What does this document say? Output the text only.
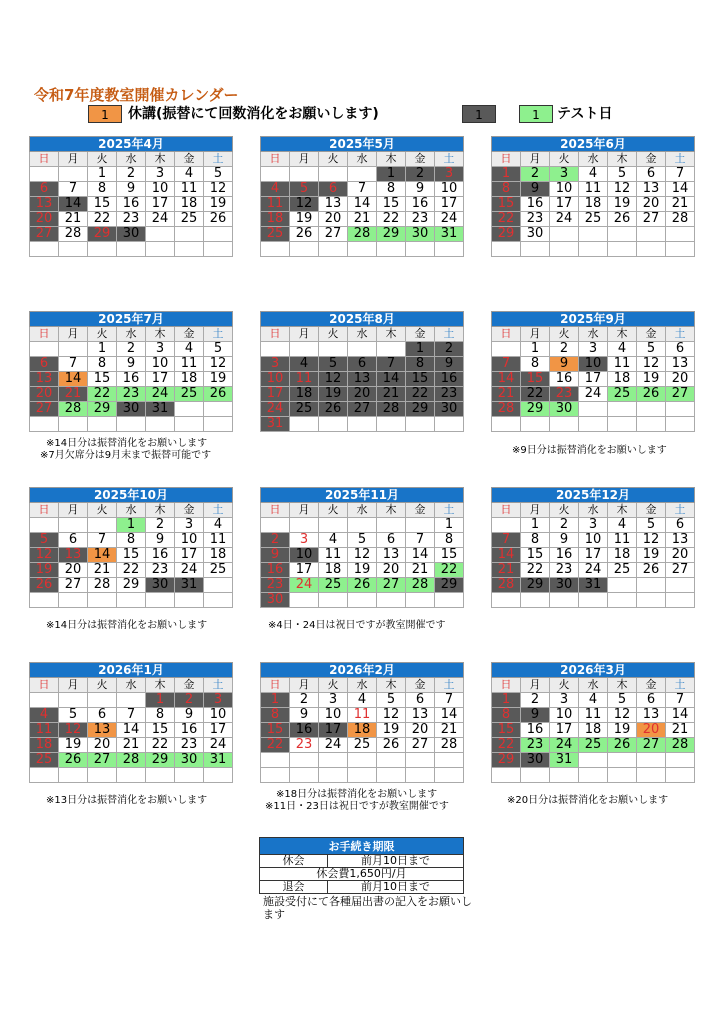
令和7年度教室開催カレンダー
1	休講(振替にて回数消化をお願いします)	1	1	テスト日
2025年4月						
日	月	火	水	木	金	土
		1	2	3	4	5
6	7	8	9	10	11	12
13	14	15	16	17	18	19
20	21	22	23	24	25	26
27	28	29	30			

2025年5月						
日	月	火	水	木	金	土
				1	2	3
4	5	6	7	8	9	10
11	12	13	14	15	16	17
18	19	20	21	22	23	24
25	26	27	28	29	30	31

2025年6月						
日	月	火	水	木	金	土
1	2	3	4	5	6	7
8	9	10	11	12	13	14
15	16	17	18	19	20	21
22	23	24	25	26	27	28
29	30					

2025年7月						
日	月	火	水	木	金	土
		1	2	3	4	5
6	7	8	9	10	11	12
13	14	15	16	17	18	19
20	21	22	23	24	25	26
27	28	29	30	31		

2025年8月						
日	月	火	水	木	金	土
					1	2
3	4	5	6	7	8	9
10	11	12	13	14	15	16
17	18	19	20	21	22	23
24	25	26	27	28	29	30
31						
2025年9月						
日	月	火	水	木	金	土
	1	2	3	4	5	6
7	8	9	10	11	12	13
14	15	16	17	18	19	20
21	22	23	24	25	26	27
28	29	30				

2025年10月						
日	月	火	水	木	金	土
			1	2	3	4
5	6	7	8	9	10	11
12	13	14	15	16	17	18
19	20	21	22	23	24	25
26	27	28	29	30	31	

2025年11月						
日	月	火	水	木	金	土
						1
2	3	4	5	6	7	8
9	10	11	12	13	14	15
16	17	18	19	20	21	22
23	24	25	26	27	28	29
30						
2025年12月						
日	月	火	水	木	金	土
	1	2	3	4	5	6
7	8	9	10	11	12	13
14	15	16	17	18	19	20
21	22	23	24	25	26	27
28	29	30	31			

2026年1月						
日	月	火	水	木	金	土
				1	2	3
4	5	6	7	8	9	10
11	12	13	14	15	16	17
18	19	20	21	22	23	24
25	26	27	28	29	30	31

2026年2月						
日	月	火	水	木	金	土
1	2	3	4	5	6	7
8	9	10	11	12	13	14
15	16	17	18	19	20	21
22	23	24	25	26	27	28

2026年3月						
日	月	火	水	木	金	土
1	2	3	4	5	6	7
8	9	10	11	12	13	14
15	16	17	18	19	20	21
22	23	24	25	26	27	28
29	30	31				

※14日分は振替消化をお願いします
※7月欠席分は9月末まで振替可能です	※9日分は振替消化をお願いします
※14日分は振替消化をお願いします	※4日・24日は祝日ですが教室開催です
※13日分は振替消化をお願いします
※18日分は振替消化をお願いします
※11日・23日は祝日ですが教室開催です
※20日分は振替消化をお願いします
お手続き期限	
休会	前月10日まで
休会費1,650円/月	
退会	前月10日まで
施設受付にて各種届出書の記入をお願いします
